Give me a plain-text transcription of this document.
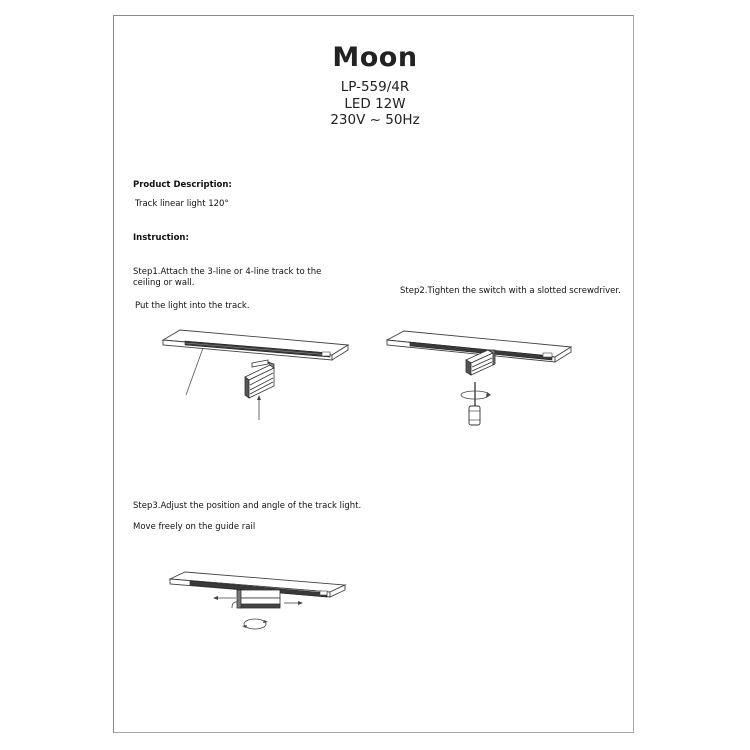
Moon
LP-559/4R
LED 12W
230V ~ 50Hz
Product Description:
Track linear light 120°
Instruction:
Step1.Attach the 3-line or 4-line track to the
ceiling or wall.
Put the light into the track.
Step2.Tighten the switch with a slotted screwdriver.
Step3.Adjust the position and angle of the track light.
Move freely on the guide rail
